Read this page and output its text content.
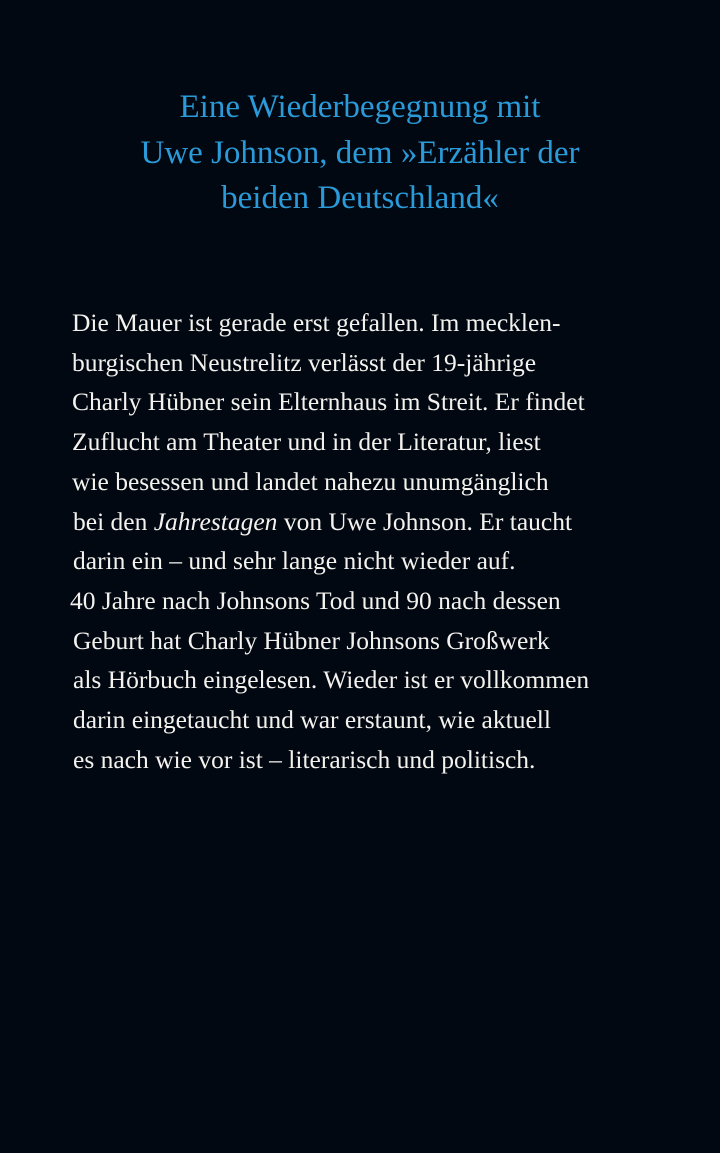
Eine Wiederbegegnung mit
Uwe Johnson, dem »Erzähler der
beiden Deutschland«
Die Mauer ist gerade erst gefallen. Im mecklen-
burgischen Neustrelitz verlässt der 19-jährige
Charly Hübner sein Elternhaus im Streit. Er findet
Zuflucht am Theater und in der Literatur, liest
wie besessen und landet nahezu unumgänglich
bei den Jahrestagen von Uwe Johnson. Er taucht
darin ein – und sehr lange nicht wieder auf.
40 Jahre nach Johnsons Tod und 90 nach dessen
Geburt hat Charly Hübner Johnsons Großwerk
als Hörbuch eingelesen. Wieder ist er vollkommen
darin eingetaucht und war erstaunt, wie aktuell
es nach wie vor ist – literarisch und politisch.
